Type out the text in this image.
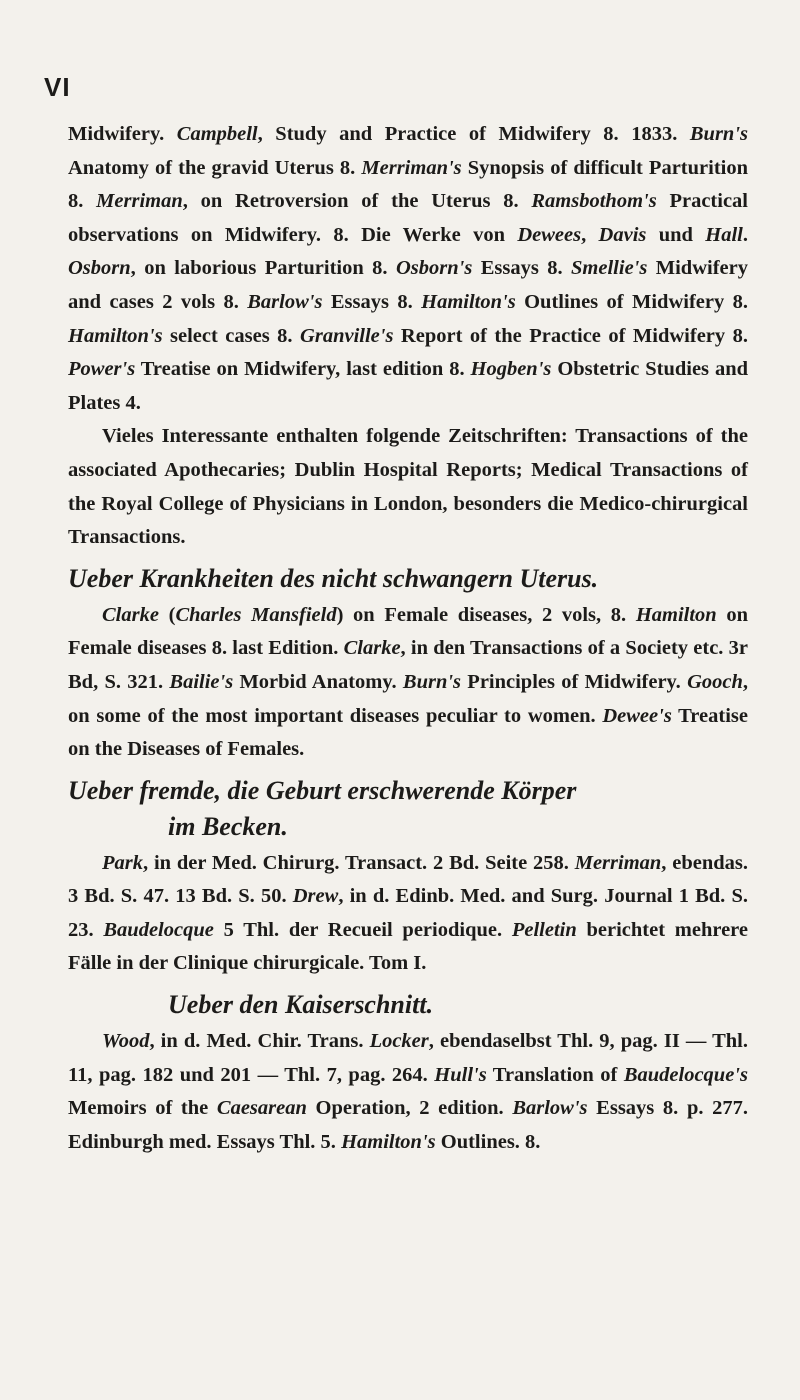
VI

Midwifery. Campbell, Study and Practice of Midwifery 8. 1833. Burn's Anatomy of the gravid Uterus 8. Merriman's Synopsis of difficult Parturition 8. Merriman, on Retroversion of the Uterus 8. Ramsbothom's Practical observations on Midwifery. 8. Die Werke von Dewees, Davis und Hall. Osborn, on laborious Parturition 8. Osborn's Essays 8. Smellie's Midwifery and cases 2 vols 8. Barlow's Essays 8. Hamilton's Outlines of Midwifery 8. Hamilton's select cases 8. Granville's Report of the Practice of Midwifery 8. Power's Treatise on Midwifery, last edition 8. Hogben's Obstetric Studies and Plates 4.

Vieles Interessante enthalten folgende Zeitschriften: Transactions of the associated Apothecaries; Dublin Hospital Reports; Medical Transactions of the Royal College of Physicians in London, besonders die Medico-chirurgical Transactions.

Ueber Krankheiten des nicht schwangern Uterus.

Clarke (Charles Mansfield) on Female diseases, 2 vols, 8. Hamilton on Female diseases 8. last Edition. Clarke, in den Transactions of a Society etc. 3r Bd, S. 321. Bailie's Morbid Anatomy. Burn's Principles of Midwifery. Gooch, on some of the most important diseases peculiar to women. Dewee's Treatise on the Diseases of Females.

Ueber fremde, die Geburt erschwerende Körper
im Becken.

Park, in der Med. Chirurg. Transact. 2 Bd. Seite 258. Merriman, ebendas. 3 Bd. S. 47. 13 Bd. S. 50. Drew, in d. Edinb. Med. and Surg. Journal 1 Bd. S. 23. Baudelocque 5 Thl. der Recueil periodique. Pelletin berichtet mehrere Fälle in der Clinique chirurgicale. Tom I.

Ueber den Kaiserschnitt.

Wood, in d. Med. Chir. Trans. Locker, ebendaselbst Thl. 9, pag. II — Thl. 11, pag. 182 und 201 — Thl. 7, pag. 264. Hull's Translation of Baudelocque's Memoirs of the Caesarean Operation, 2 edition. Barlow's Essays 8. p. 277. Edinburgh med. Essays Thl. 5. Hamilton's Outlines. 8.
